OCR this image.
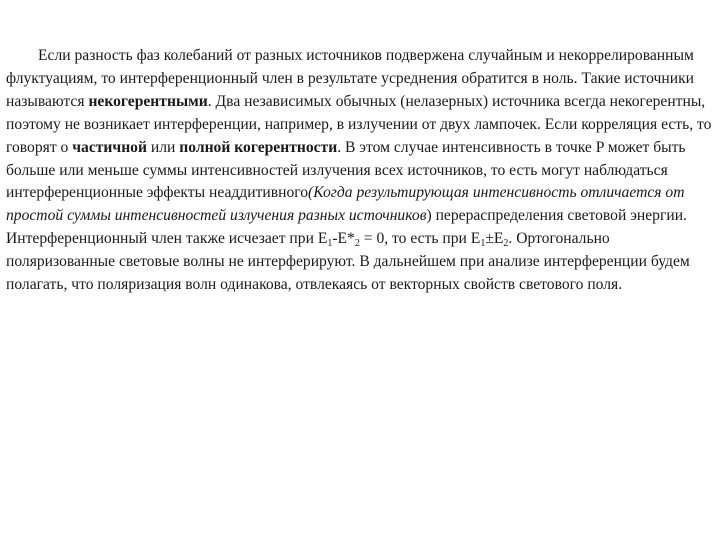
Если разность фаз колебаний от разных источников подвержена случайным и некоррелированным флуктуациям, то интерференционный член в результате усреднения обратится в ноль. Такие источники называются некогерентными. Два независимых обычных (нелазерных) источника всегда некогерентны, поэтому не возникает интерференции, например, в излучении от двух лампочек. Если корреляция есть, то говорят о частичной или полной когерентности. В этом случае интенсивность в точке P может быть больше или меньше суммы интенсивностей излучения всех источников, то есть могут наблюдаться интерференционные эффекты неаддитивного(Когда результирующая интенсивность отличается от простой суммы интенсивностей излучения разных источников) перераспределения световой энергии. Интерференционный член также исчезает при $E_1-E*_2 = 0$, то есть при $E_1\pm E_2$. Ортогонально поляризованные световые волны не интерферируют. В дальнейшем при анализе интерференции будем полагать, что поляризация волн одинакова, отвлекаясь от векторных свойств светового поля.
